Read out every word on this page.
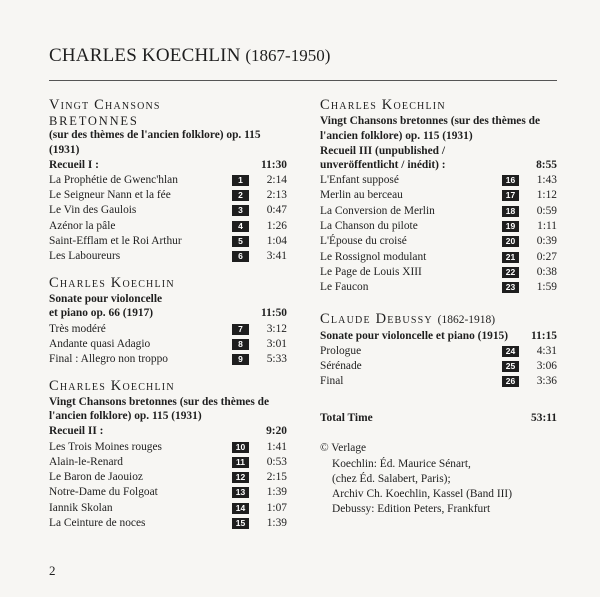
CHARLES KOECHLIN (1867-1950)
Vingt Chansons
BRETONNES
(sur des thèmes de l'ancien folklore) op. 115 (1931)
Recueil I :	11:30
La Prophétie de Gwenc'hlan	1	2:14
Le Seigneur Nann et la fée	2	2:13
Le Vin des Gaulois	3	0:47
Azénor la pâle	4	1:26
Saint-Efflam et le Roi Arthur	5	1:04
Les Laboureurs	6	3:41
Charles Koechlin
Sonate pour violoncelle
et piano op. 66 (1917)	11:50
Très modéré	7	3:12
Andante quasi Adagio	8	3:01
Final : Allegro non troppo	9	5:33
Charles Koechlin
Vingt Chansons bretonnes (sur des thèmes de l'ancien folklore) op. 115 (1931)
Recueil II :	9:20
Les Trois Moines rouges	10	1:41
Alain-le-Renard	11	0:53
Le Baron de Jaouioz	12	2:15
Notre-Dame du Folgoat	13	1:39
Iannik Skolan	14	1:07
La Ceinture de noces	15	1:39
Charles Koechlin
Vingt Chansons bretonnes (sur des thèmes de l'ancien folklore) op. 115 (1931)
Recueil III (unpublished / unveröffentlicht / inédit) :	8:55
L'Enfant supposé	16	1:43
Merlin au berceau	17	1:12
La Conversion de Merlin	18	0:59
La Chanson du pilote	19	1:11
L'Épouse du croisé	20	0:39
Le Rossignol modulant	21	0:27
Le Page de Louis XIII	22	0:38
Le Faucon	23	1:59
Claude Debussy (1862-1918)
Sonate pour violoncelle et piano (1915) 11:15
Prologue	24	4:31
Sérénade	25	3:06
Final	26	3:36
Total Time	53:11
© Verlage
Koechlin: Éd. Maurice Sénart,
(chez Éd. Salabert, Paris);
Archiv Ch. Koechlin, Kassel (Band III)
Debussy: Edition Peters, Frankfurt
2
